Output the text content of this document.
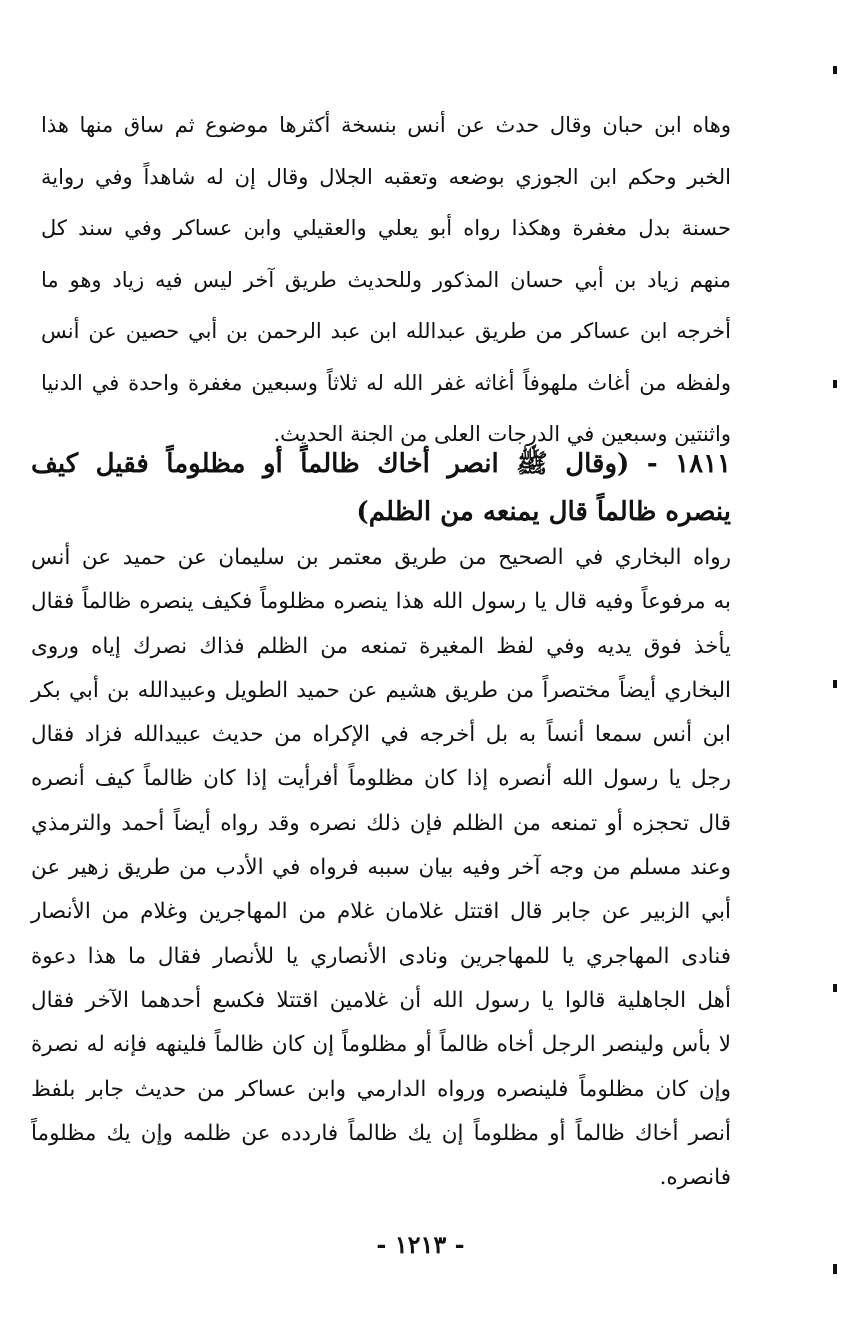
وهاه ابن حبان وقال حدث عن أنس بنسخة أكثرها موضوع ثم ساق منها هذا
الخبر وحكم ابن الجوزي بوضعه وتعقبه الجلال وقال إن له شاهداً وفي رواية
حسنة بدل مغفرة وهكذا رواه أبو يعلي والعقيلي وابن عساكر وفي سند كل
منهم زياد بن أبي حسان المذكور وللحديث طريق آخر ليس فيه زياد وهو ما
أخرجه ابن عساكر من طريق عبدالله ابن عبد الرحمن بن أبي حصين عن أنس
ولفظه من أغاث ملهوفاً أغاثه غفر الله له ثلاثاً وسبعين مغفرة واحدة في الدنيا
واثنتين وسبعين في الدرجات العلى من الجنة الحديث.
١٨١١ - (وقال ﷺ انصر أخاك ظالماً أو مظلوماً فقيل كيف
ينصره ظالماً قال يمنعه من الظلم)
رواه البخاري في الصحيح من طريق معتمر بن سليمان عن حميد عن أنس
به مرفوعاً وفيه قال يا رسول الله هذا ينصره مظلوماً فكيف ينصره ظالماً فقال
يأخذ فوق يديه وفي لفظ المغيرة تمنعه من الظلم فذاك نصرك إياه وروى
البخاري أيضاً مختصراً من طريق هشيم عن حميد الطويل وعبيدالله بن أبي بكر
ابن أنس سمعا أنساً به بل أخرجه في الإكراه من حديث عبيدالله فزاد فقال
رجل يا رسول الله أنصره إذا كان مظلوماً أفرأيت إذا كان ظالماً كيف أنصره
قال تحجزه أو تمنعه من الظلم فإن ذلك نصره وقد رواه أيضاً أحمد والترمذي
وعند مسلم من وجه آخر وفيه بيان سببه فرواه في الأدب من طريق زهير عن
أبي الزبير عن جابر قال اقتتل غلامان غلام من المهاجرين وغلام من الأنصار
فنادى المهاجري يا للمهاجرين ونادى الأنصاري يا للأنصار فقال ما هذا دعوة
أهل الجاهلية قالوا يا رسول الله أن غلامين اقتتلا فكسع أحدهما الآخر فقال
لا بأس ولينصر الرجل أخاه ظالماً أو مظلوماً إن كان ظالماً فلينهه فإنه له نصرة
وإن كان مظلوماً فلينصره ورواه الدارمي وابن عساكر من حديث جابر بلفظ
أنصر أخاك ظالماً أو مظلوماً إن يك ظالماً فاردده عن ظلمه وإن يك مظلوماً
فانصره.
- ١٢١٣ -
